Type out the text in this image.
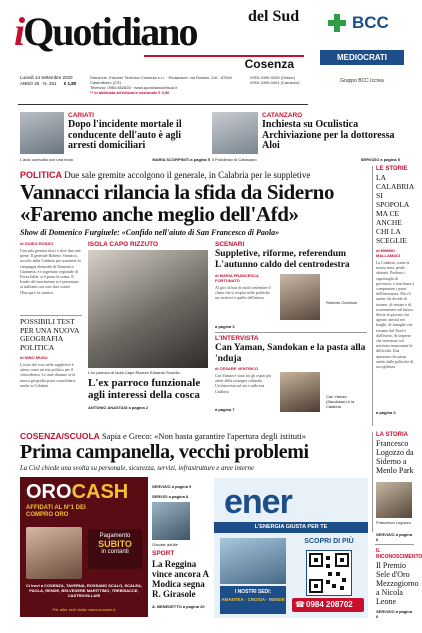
iQuotidiano	del Sud
Cosenza
Lunedì 14 settembre 2020
ANNO 26 · N. 251 € 1,80
Direzione, Edizioni Tirrenica Cosenza s.r.l. · Redazione: via Rossini, 2/A · 87040 Castrolibero (CS)
Telefono: 0984.852828 · www.quotidianodelsud.it
** In abbinata all'edizione nazionale € 0,50
ISSN 2499-0035 (Online)
ISSN 2499-0491 (Cartaceo)
BCC
MEDIOCRATI
Gruppo BCC Iccrea
CARIATI
Dopo l'incidente mortale il conducente dell'auto è agli arresti domiciliari
L'auto coinvolta con una moto	MARIA SCORPINITI a pagina 5
CATANZARO
Inchiesta su Oculistica Archiviazione per la dottoressa Aloi
Il Policlinico di Catanzaro	SERVIZIO a pagina 5
POLITICA Due sale gremite accolgono il generale, in Calabria per le suppletive
Vannacci rilancia la sfida da Siderno
«Faremo anche meglio dell'Afd»
Show di Domenico Furgiuele: «Confido nell'aiuto di San Francesco di Paola»
di GUIDO ROSSO
Una sala gremita fuori e altre due sale piene. Il generale Roberto Vannacci, accolto dalla Calabria per sostenere la campagna elettorale di Domenico Giannetta, ex segretario regionale di Forza Italia, si è preso la scena. Il leader del movimento si è presentato ai militanti con toni duri contro l'Europa e la sinistra.
POSSIBILI TEST PER UNA NUOVA GEOGRAFIA POLITICA
di NINO MUSU
L'esito del voto nelle suppletive è atteso come un test politico per il centrodestra. Le urne diranno se la nuova geografia potrà consolidarsi anche in Calabria.
ISOLA CAPO RIZZUTO
L'ex parroco di Isola Capo Rizzuto Edoardo Scordio
L'ex parroco funzionale agli interessi della cosca
ANTONIO ANASTASI a pagina 2
SCENARI
Suppletive, riforme, referendum L'autunno caldo del centrodestra
di MARIA FRANCESCA FORTUNATO
Al giro di boa di molti settembre il clima che si respira nelle politiche sui territori è quello dell'attesa.
a pagina 3
Roberto Occhiuto
L'INTERVISTA
Can Yaman, Sandokan e la pasta alla 'nduja
di CESARE VENTRICO
Can Yaman è stato tra gli ospiti più attesi della rassegna culturale. Un'intervista sul set e sulla sua Calabria.
a pagina 7
Can Yaman (Sandokan) e la Calabria
LE STORIE
LA CALABRIA SI SPOPOLA MA CE ANCHE CHI LA SCEGLIE
di MIMMO MALLAMACI
La Calabria, come la nostra terra, perde abitanti. Perdono i capoluoghi di provincia, e non basta a compensare i paesi dell'entroterra. Ma c'è anche chi decide di tornare, di restare e di scommettere sul futuro. Storie di giovani che aprono attività nei borghi, di famiglie che tornano dal Nord e dall'estero, di imprese che investono sul territorio nonostante le difficoltà. Una speranza che passa anche dalle politiche di accoglienza.
a pagina 4
COSENZA/SCUOLA Sapia e Greco: «Non basta garantire l'apertura degli istituti»
Prima campanella, vecchi problemi
La Cisl chiede una svolta su personale, sicurezza, servizi, infrastrutture e aree interne
OROCASH
AFFIDATI AL N°1 DEI COMPRO ORO
Pagamento
SUBITO
in contanti
Ci trovi a COSENZA, TAVERNA, ROSSANO SCALO, SCALEA, PAOLA, RENDE, BELVEDERE MARITTIMO, TREBISACCE, CASTROVILLARI
Per altre sedi visita: www.orocash.it
SERVIZIO a pagina 9
Giocate adulte
SPORT
La Reggina vince ancora A Modica segna R. Girasole
A. BENEDETTO a pagina 20
SERVIZI a pagina 8 ener
L'ENERGIA GIUSTA PER TE
SCOPRI DI PIÙ
I NOSTRI SEDI:
AMANTEA · CROSIA · RENDE
☎ 0984 208702
LA STORIA
Francesco Logozzo da Siderno a Menlo Park
Francesco Logozzo
SERVIZIO a pagina 6
IL RICONOSCIMENTO
Il Premio Sele d'Oro Mezzogiorno a Nicola Leone
SERVIZIO a pagina 6
